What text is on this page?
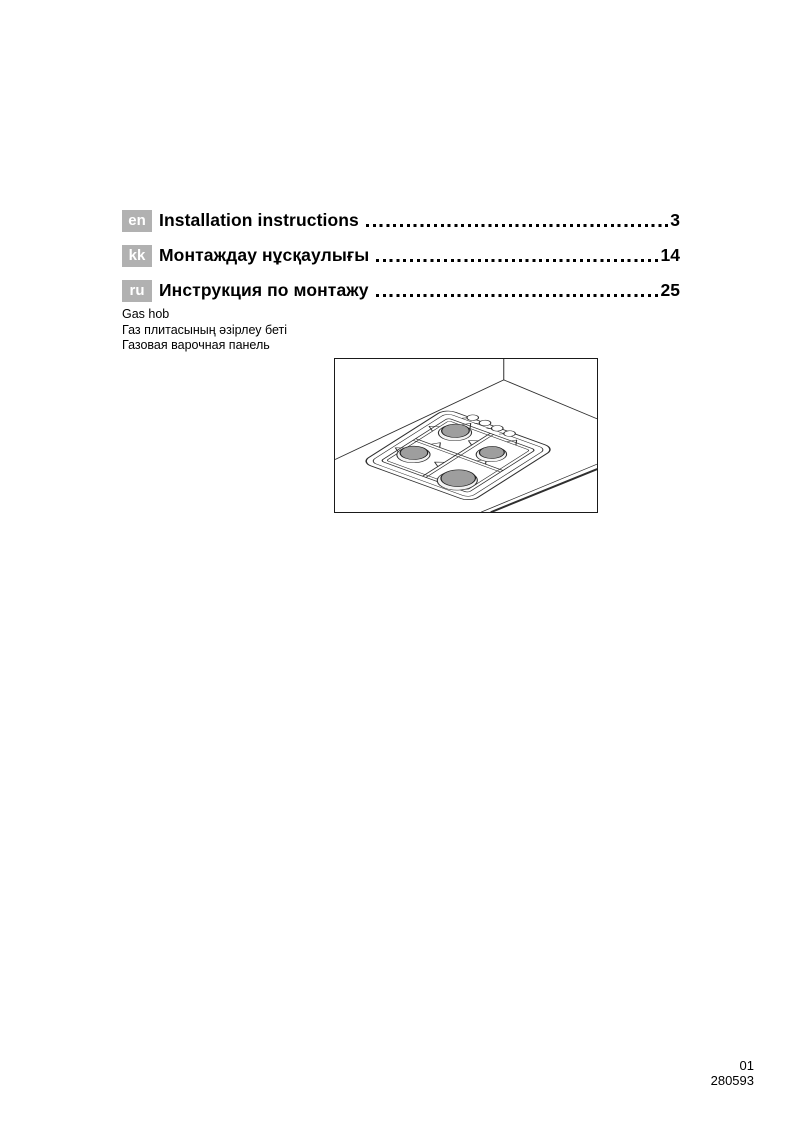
en Installation instructions	3
kk Монтаждау нұсқаулығы	14
ru Инструкция по монтажу	25
Gas hob
Газ плитасының әзірлеу беті
Газовая варочная панель
01
280593
